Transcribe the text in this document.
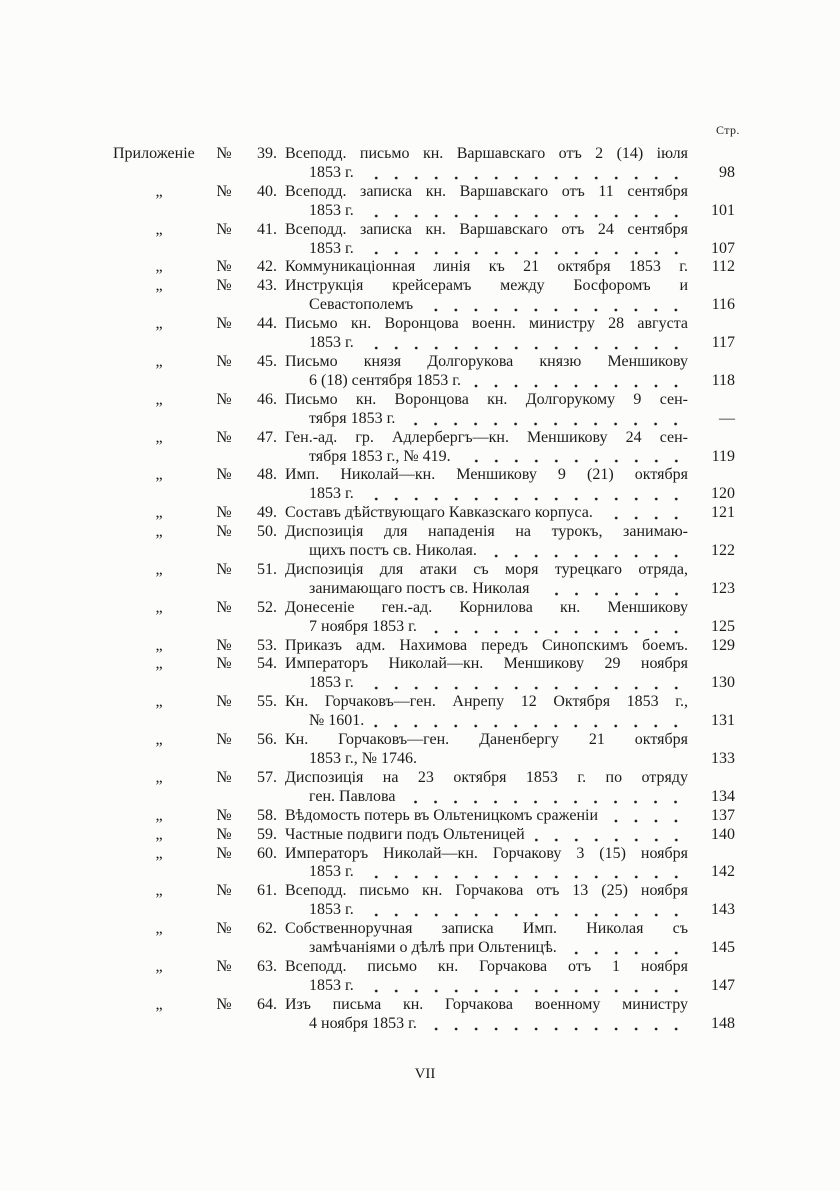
Стр.
Приложеніе	№	39. Всеподд. письмо кн. Варшавскаго отъ 2 (14) іюля
1853 г.	98
„	№	40. Всеподд. записка кн. Варшавскаго отъ 11 сентября
1853 г.	101
„	№	41. Всеподд. записка кн. Варшавскаго отъ 24 сентября
1853 г.	107
„	№	42. Коммуникаціонная линія къ 21 октября 1853 г.	112
„	№	43. Инструкція крейсерамъ между Босфоромъ и
Севастополемъ	116
„	№	44. Письмо кн. Воронцова военн. министру 28 августа
1853 г.	117
„	№	45. Письмо князя Долгорукова князю Меншикову
6 (18) сентября 1853 г.	118
„	№	46. Письмо кн. Воронцова кн. Долгорукому 9 сен-
тября 1853 г.	—
„	№	47. Ген.-ад. гр. Адлербергъ—кн. Меншикову 24 сен-
тября 1853 г., № 419.	119
„	№	48. Имп. Николай—кн. Меншикову 9 (21) октября
1853 г.	120
„	№	49. Составъ дѣйствующаго Кавказскаго корпуса.	121
„	№	50. Диспозиція для нападенія на турокъ, занимаю-
щихъ постъ св. Николая.	122
„	№	51. Диспозиція для атаки съ моря турецкаго отряда,
занимающаго постъ св. Николая	123
„	№	52. Донесеніе ген.-ад. Корнилова кн. Меншикову
7 ноября 1853 г.	125
„	№	53. Приказъ адм. Нахимова передъ Синопскимъ боемъ.	129
„	№	54. Императоръ Николай—кн. Меншикову 29 ноября
1853 г.	130
„	№	55. Кн. Горчаковъ—ген. Анрепу 12 Октября 1853 г.,
№ 1601.	131
„	№	56. Кн. Горчаковъ—ген. Даненбергу 21 октября
1853 г., № 1746.	133
„	№	57. Диспозиція на 23 октября 1853 г. по отряду
ген. Павлова	134
„	№	58. Вѣдомость потерь въ Ольтеницкомъ сраженіи	137
„	№	59. Частные подвиги подъ Ольтеницей	140
„	№	60. Императоръ Николай—кн. Горчакову 3 (15) ноября
1853 г.	142
„	№	61. Всеподд. письмо кн. Горчакова отъ 13 (25) ноября
1853 г.	143
„	№	62. Собственноручная записка Имп. Николая съ
замѣчаніями о дѣлѣ при Ольтеницѣ.	145
„	№	63. Всеподд. письмо кн. Горчакова отъ 1 ноября
1853 г.	147
„	№	64. Изъ письма кн. Горчакова военному министру
4 ноября 1853 г.	148
VII
